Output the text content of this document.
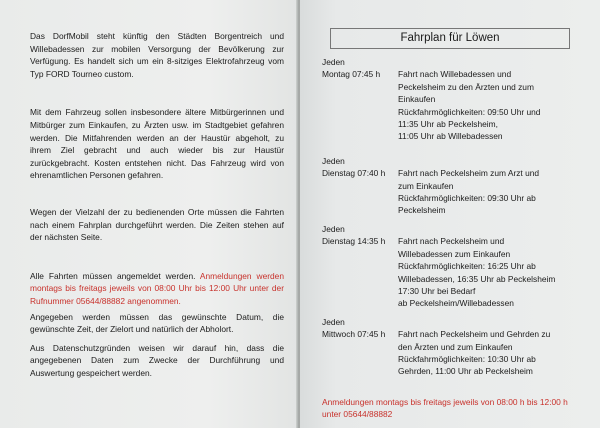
Das DorfMobil steht künftig den Städten Borgentreich und Willebadessen zur mobilen Versorgung der Bevölkerung zur Verfügung. Es handelt sich um ein 8-sitziges Elektrofahrzeug vom Typ FORD Tourneo custom.

Mit dem Fahrzeug sollen insbesondere ältere Mitbürgerinnen und Mitbürger zum Einkaufen, zu Ärzten usw. im Stadtgebiet gefahren werden. Die Mitfahrenden werden an der Haustür abgeholt, zu ihrem Ziel gebracht und auch wieder bis zur Haustür zurückgebracht. Kosten entstehen nicht. Das Fahrzeug wird von ehrenamtlichen Personen gefahren.

Wegen der Vielzahl der zu bedienenden Orte müssen die Fahrten nach einem Fahrplan durchgeführt werden. Die Zeiten stehen auf der nächsten Seite.

Alle Fahrten müssen angemeldet werden. Anmeldungen werden montags bis freitags jeweils von 08:00 Uhr bis 12:00 Uhr unter der Rufnummer 05644/88882 angenommen.

Angegeben werden müssen das gewünschte Datum, die gewünschte Zeit, der Zielort und natürlich der Abholort.

Aus Datenschutzgründen weisen wir darauf hin, dass die angegebenen Daten zum Zwecke der Durchführung und Auswertung gespeichert werden.

Fahrplan für Löwen
Jeden
Montag 07:45 h	Fahrt nach Willebadessen und
Peckelsheim zu den Ärzten und zum
Einkaufen
Rückfahrmöglichkeiten: 09:50 Uhr und
11:35 Uhr ab Peckelsheim,
11:05 Uhr ab Willebadessen
Jeden
Dienstag 07:40 h	Fahrt nach Peckelsheim zum Arzt und
zum Einkaufen
Rückfahrmöglichkeiten: 09:30 Uhr ab
Peckelsheim
Jeden
Dienstag 14:35 h	Fahrt nach Peckelsheim und
Willebadessen zum Einkaufen
Rückfahrmöglichkeiten: 16:25 Uhr ab
Willebadessen, 16:35 Uhr ab Peckelsheim
17:30 Uhr bei Bedarf
ab Peckelsheim/Willebadessen
Jeden
Mittwoch 07:45 h	Fahrt nach Peckelsheim und Gehrden zu
den Ärzten und zum Einkaufen
Rückfahrmöglichkeiten: 10:30 Uhr ab
Gehrden, 11:00 Uhr ab Peckelsheim
Anmeldungen montags bis freitags jeweils von 08:00 h bis 12:00 h unter 05644/88882
